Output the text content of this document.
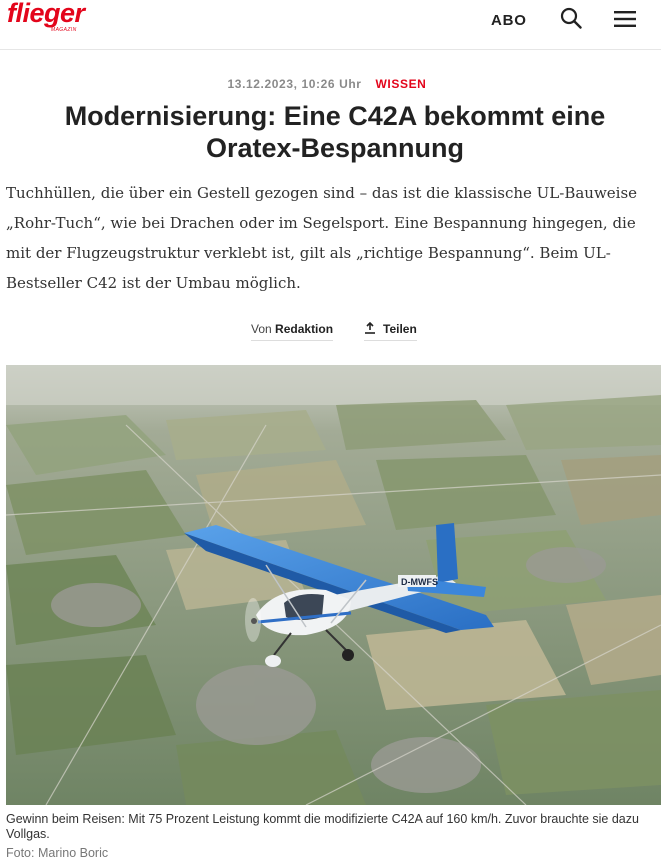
flieger
MAGAZIN
ABO
13.12.2023, 10:26 Uhr WISSEN
Modernisierung: Eine C42A bekommt eine Oratex-Bespannung

Tuchhüllen, die über ein Gestell gezogen sind – das ist die klassische UL-Bauweise „Rohr-Tuch“, wie bei Drachen oder im Segelsport. Eine Bespannung hingegen, die mit der Flugzeugstruktur verklebt ist, gilt als „richtige Bespannung“. Beim UL-Bestseller C42 ist der Umbau möglich.

Von Redaktion	Teilen
D-MWFS

Gewinn beim Reisen: Mit 75 Prozent Leistung kommt die modifizierte C42A auf 160 km/h. Zuvor brauchte sie dazu Vollgas.

Foto: Marino Boric
